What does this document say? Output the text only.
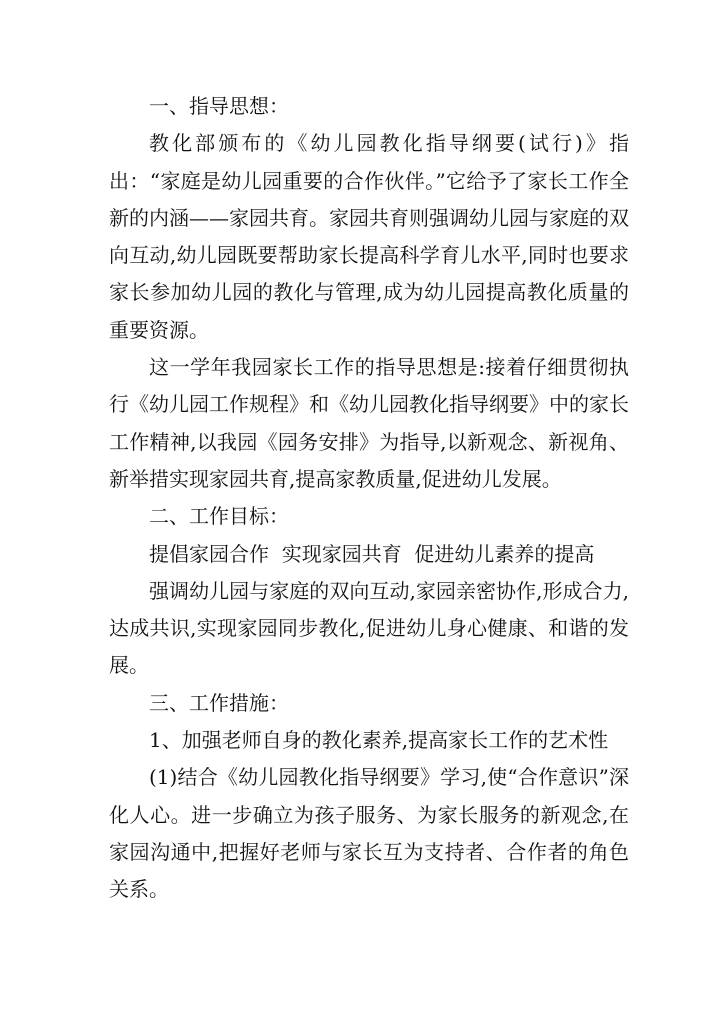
一、指导思想：

教化部颁布的《幼儿园教化指导纲要(试行)》指出：“家庭是幼儿园重要的合作伙伴。”它给予了家长工作全新的内涵——家园共育。家园共育则强调幼儿园与家庭的双向互动,幼儿园既要帮助家长提高科学育儿水平,同时也要求家长参加幼儿园的教化与管理,成为幼儿园提高教化质量的重要资源。

这一学年我园家长工作的指导思想是:接着仔细贯彻执行《幼儿园工作规程》和《幼儿园教化指导纲要》中的家长工作精神,以我园《园务安排》为指导,以新观念、新视角、新举措实现家园共育,提高家教质量,促进幼儿发展。

二、工作目标：

提倡家园合作  实现家园共育  促进幼儿素养的提高

强调幼儿园与家庭的双向互动,家园亲密协作,形成合力,达成共识,实现家园同步教化,促进幼儿身心健康、和谐的发展。

三、工作措施：

1、加强老师自身的教化素养,提高家长工作的艺术性

(1)结合《幼儿园教化指导纲要》学习,使“合作意识”深化人心。进一步确立为孩子服务、为家长服务的新观念,在家园沟通中,把握好老师与家长互为支持者、合作者的角色关系。
